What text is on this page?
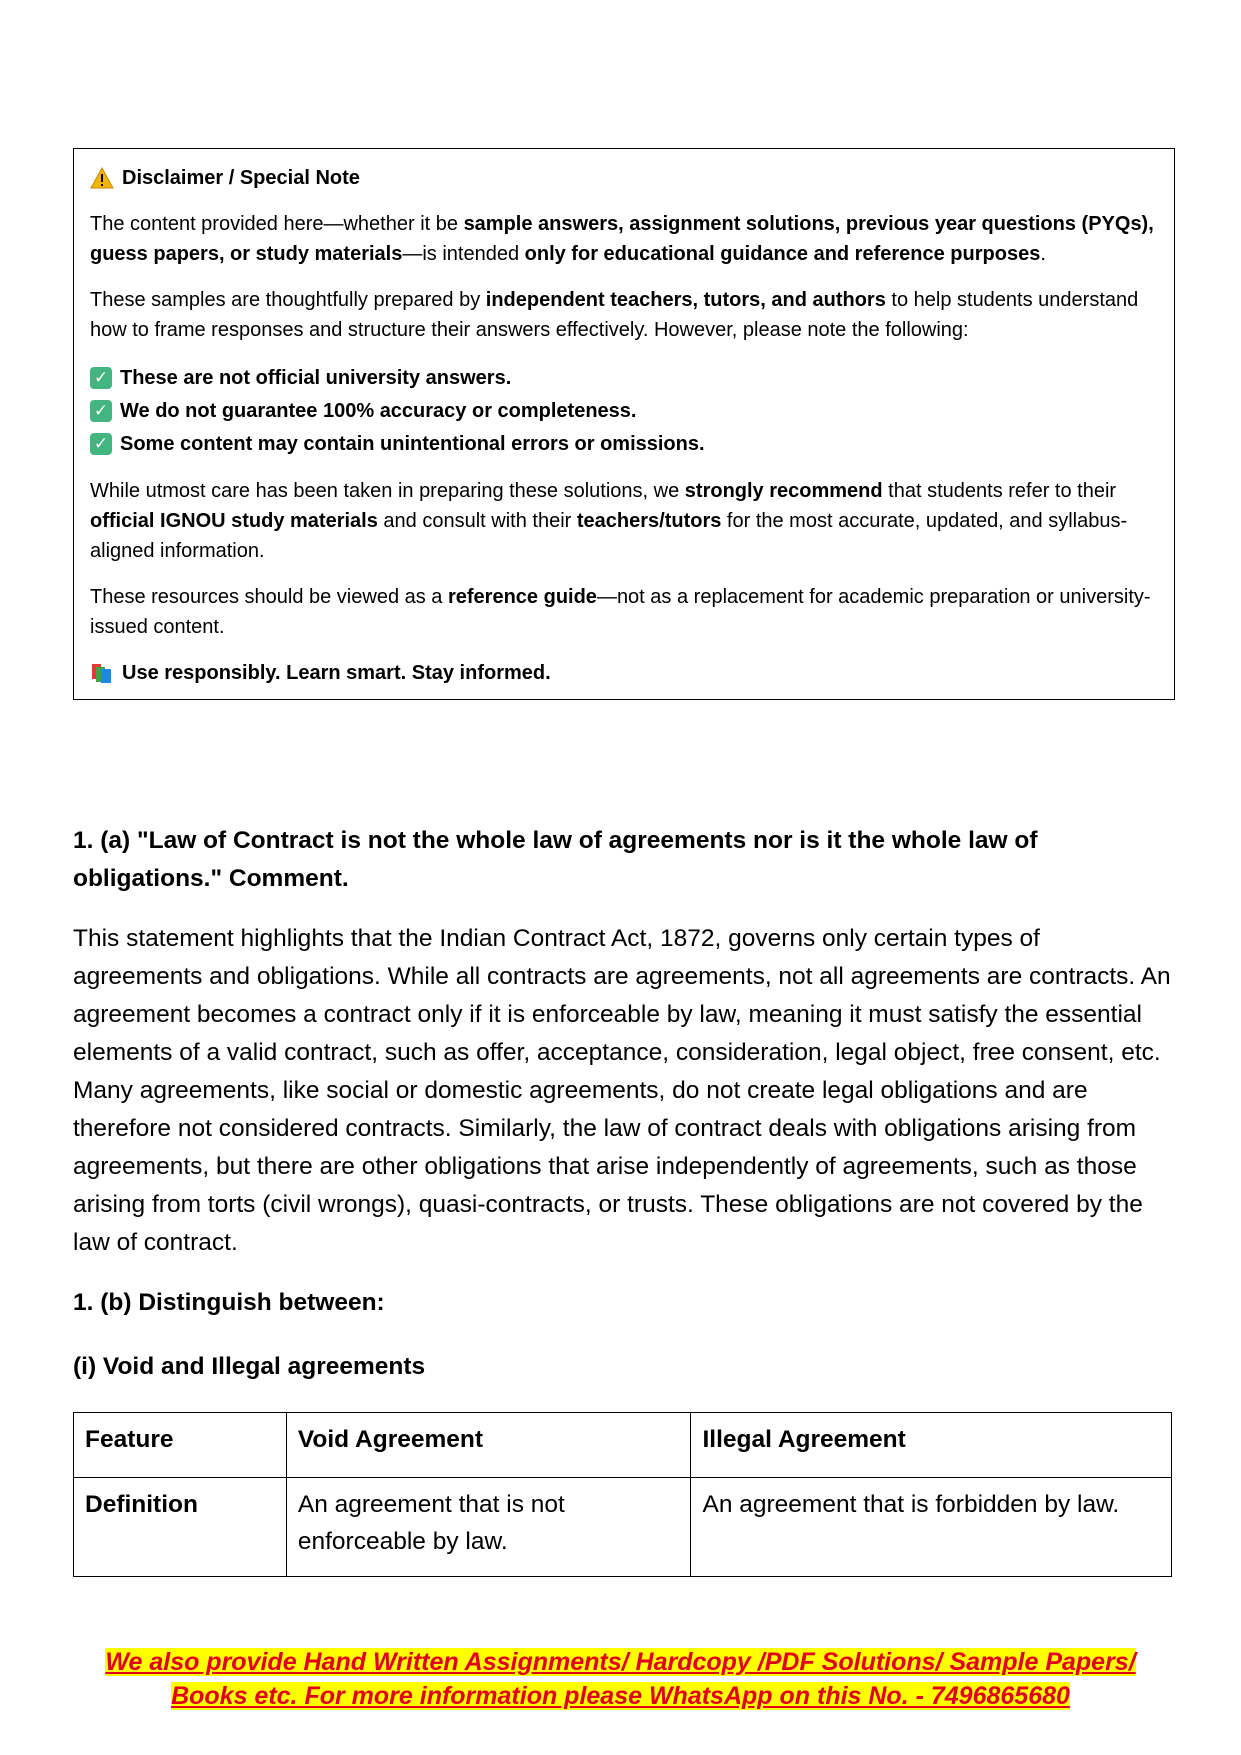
Disclaimer / Special Note

The content provided here—whether it be sample answers, assignment solutions, previous year questions (PYQs), guess papers, or study materials—is intended only for educational guidance and reference purposes.

These samples are thoughtfully prepared by independent teachers, tutors, and authors to help students understand how to frame responses and structure their answers effectively. However, please note the following:

✓ These are not official university answers.
✓ We do not guarantee 100% accuracy or completeness.
✓ Some content may contain unintentional errors or omissions.

While utmost care has been taken in preparing these solutions, we strongly recommend that students refer to their official IGNOU study materials and consult with their teachers/tutors for the most accurate, updated, and syllabus-aligned information.

These resources should be viewed as a reference guide—not as a replacement for academic preparation or university-issued content.

Use responsibly. Learn smart. Stay informed.

1. (a) "Law of Contract is not the whole law of agreements nor is it the whole law of obligations." Comment.

This statement highlights that the Indian Contract Act, 1872, governs only certain types of agreements and obligations. While all contracts are agreements, not all agreements are contracts. An agreement becomes a contract only if it is enforceable by law, meaning it must satisfy the essential elements of a valid contract, such as offer, acceptance, consideration, legal object, free consent, etc. Many agreements, like social or domestic agreements, do not create legal obligations and are therefore not considered contracts. Similarly, the law of contract deals with obligations arising from agreements, but there are other obligations that arise independently of agreements, such as those arising from torts (civil wrongs), quasi-contracts, or trusts. These obligations are not covered by the law of contract.

1. (b) Distinguish between:

(i) Void and Illegal agreements

Feature	Void Agreement	Illegal Agreement
Definition	An agreement that is not enforceable by law.	An agreement that is forbidden by law.
We also provide Hand Written Assignments/ Hardcopy /PDF Solutions/ Sample Papers/
Books etc. For more information please WhatsApp on this No. - 7496865680
